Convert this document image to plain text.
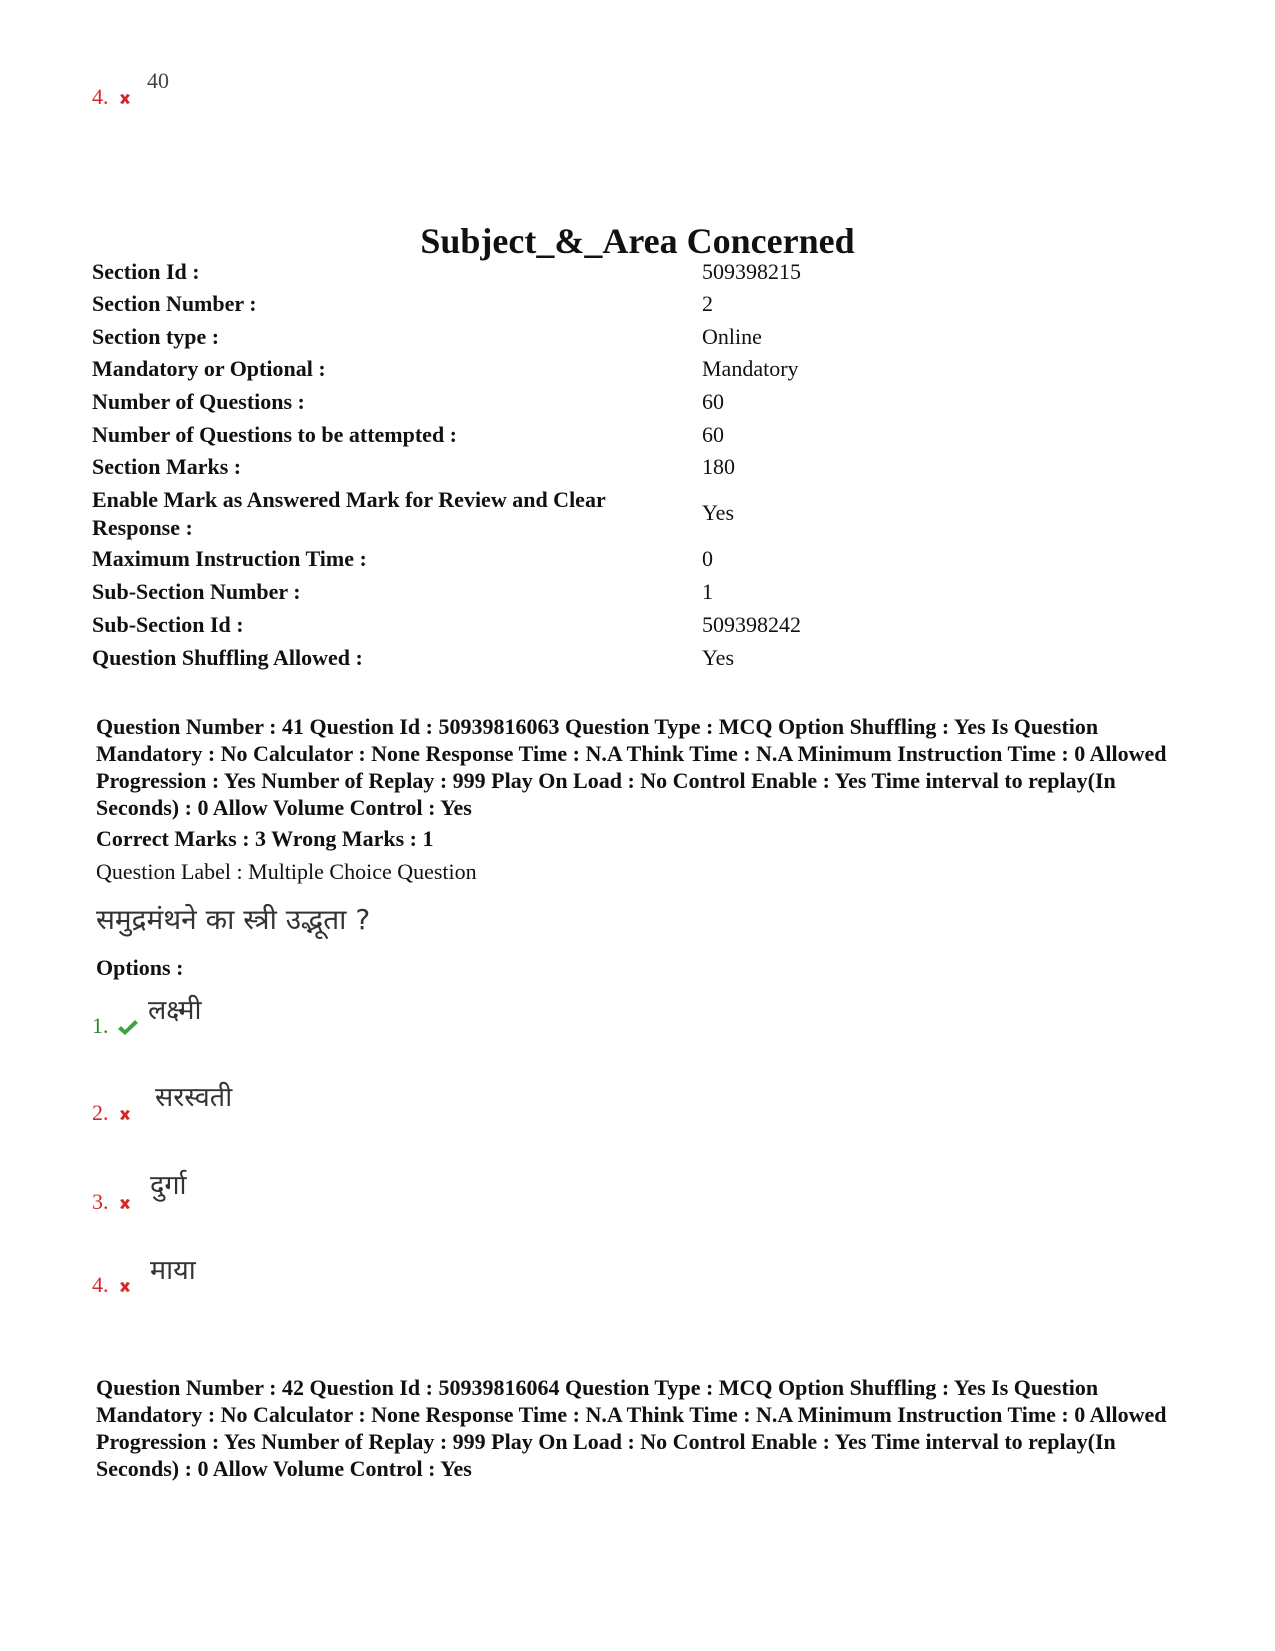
4.
40
Subject_&_Area Concerned
Section Id :	509398215
Section Number :	2
Section type :	Online
Mandatory or Optional :	Mandatory
Number of Questions :	60
Number of Questions to be attempted :	60
Section Marks :	180
Enable Mark as Answered Mark for Review and Clear Response :
Yes
Maximum Instruction Time :	0
Sub-Section Number :	1
Sub-Section Id :	509398242
Question Shuffling Allowed :	Yes
Question Number : 41 Question Id : 50939816063 Question Type : MCQ Option Shuffling : Yes Is Question Mandatory : No Calculator : None Response Time : N.A Think Time : N.A Minimum Instruction Time : 0 Allowed Progression : Yes Number of Replay : 999 Play On Load : No Control Enable : Yes Time interval to replay(In Seconds) : 0 Allow Volume Control : Yes
Correct Marks : 3 Wrong Marks : 1
Question Label : Multiple Choice Question
समुद्रमंथने का स्त्री उद्भूता ?
Options :
1.	लक्ष्मी
2.	सरस्वती
3.
दुर्गा
4.	माया
Question Number : 42 Question Id : 50939816064 Question Type : MCQ Option Shuffling : Yes Is Question Mandatory : No Calculator : None Response Time : N.A Think Time : N.A Minimum Instruction Time : 0 Allowed Progression : Yes Number of Replay : 999 Play On Load : No Control Enable : Yes Time interval to replay(In Seconds) : 0 Allow Volume Control : Yes
